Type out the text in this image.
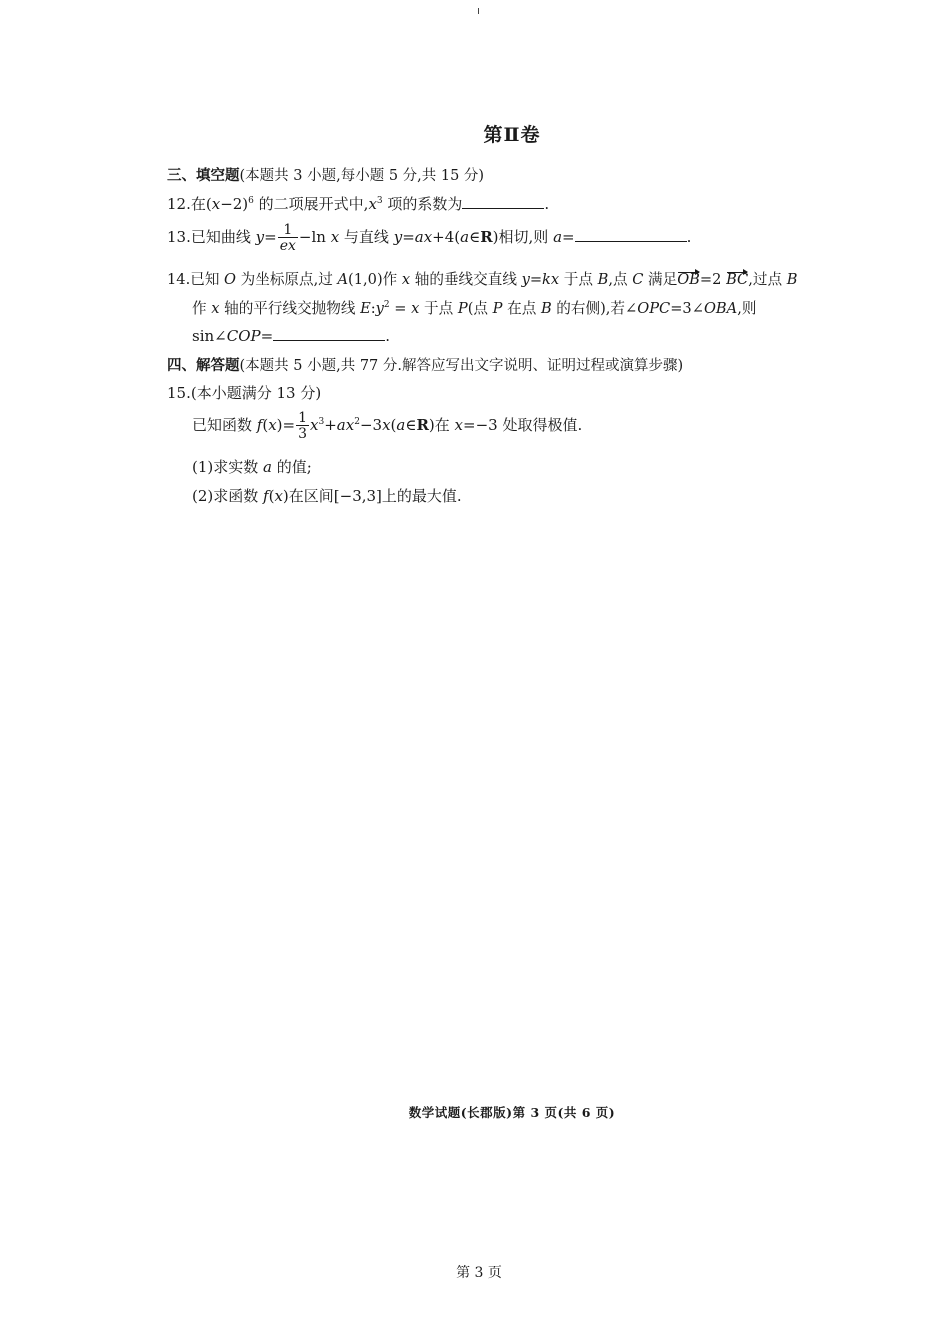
第Ⅱ卷
三、填空题(本题共 3 小题,每小题 5 分,共 15 分)
12.在$(x-2)^6$ 的二项展开式中$,x^3$ 项的系数为	.
13.已知曲线 $y= \frac{1}{ex} -\ln$ x 与直线 y=ax+4(a∈R)相切,则 a=	.
14.已知 O 为坐标原点,过 A(1,0)作 x 轴的垂线交直线 y=kx 于点 B,点 C 满足OB=2 BC,过点 B
作 x 轴的平行线交抛物线 $E:y^2 = x$ 于点 P(点 P 在点 B 的右侧),若∠OPC=3∠OBA,则
sin∠COP=	.
四、解答题(本题共 5 小题,共 77 分.解答应写出文字说明、证明过程或演算步骤)
15.(本小题满分 13 分)
已知函数 $f(x)= \frac{1}{3}$ $x^3+ax^2-3x(a\in R)$在 x=−3 处取得极值.
(1)求实数 a 的值;
(2)求函数 f(x)在区间[−3,3]上的最大值.
数学试题(长郡版)第 3 页(共 6 页)
第 3 页
